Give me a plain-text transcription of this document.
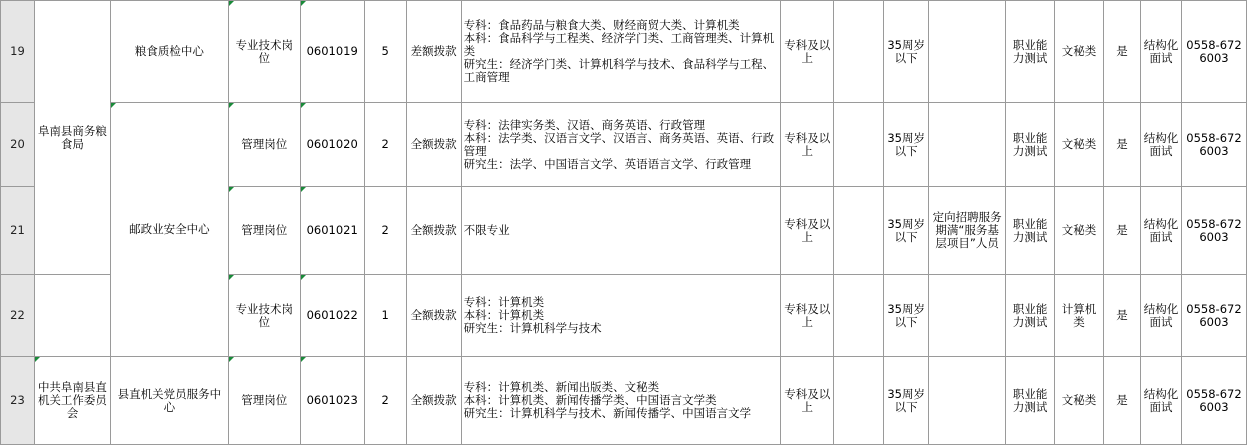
19	阜南县商务粮食局	粮食质检中心	专业技术岗位	0601019	5	差额拨款	专科：食品药品与粮食大类、财经商贸大类、计算机类
本科：食品科学与工程类、经济学门类、工商管理类、计算机类
研究生：经济学门类、计算机科学与技术、食品科学与工程、工商管理	专科及以上		35周岁以下		职业能力测试	文秘类	是	结构化面试	0558-6726003
20		邮政业安全中心	管理岗位	0601020	2	全额拨款	专科：法律实务类、汉语、商务英语、行政管理
本科：法学类、汉语言文学、汉语言、商务英语、英语、行政管理
研究生：法学、中国语言文学、英语语言文学、行政管理	专科及以上		35周岁以下		职业能力测试	文秘类	是	结构化面试	0558-6726003
21			管理岗位	0601021	2	全额拨款	不限专业	专科及以上		35周岁以下	定向招聘服务期满“服务基层项目”人员	职业能力测试	文秘类	是	结构化面试	0558-6726003
22			专业技术岗位	0601022	1	全额拨款	专科：计算机类
本科：计算机类
研究生：计算机科学与技术	专科及以上		35周岁以下		职业能力测试	计算机类	是	结构化面试	0558-6726003
23	中共阜南县直机关工作委员会	县直机关党员服务中心	管理岗位	0601023	2	全额拨款	专科：计算机类、新闻出版类、文秘类
本科：计算机类、新闻传播学类、中国语言文学类
研究生：计算机科学与技术、新闻传播学、中国语言文学	专科及以上		35周岁以下		职业能力测试	文秘类	是	结构化面试	0558-6726003
